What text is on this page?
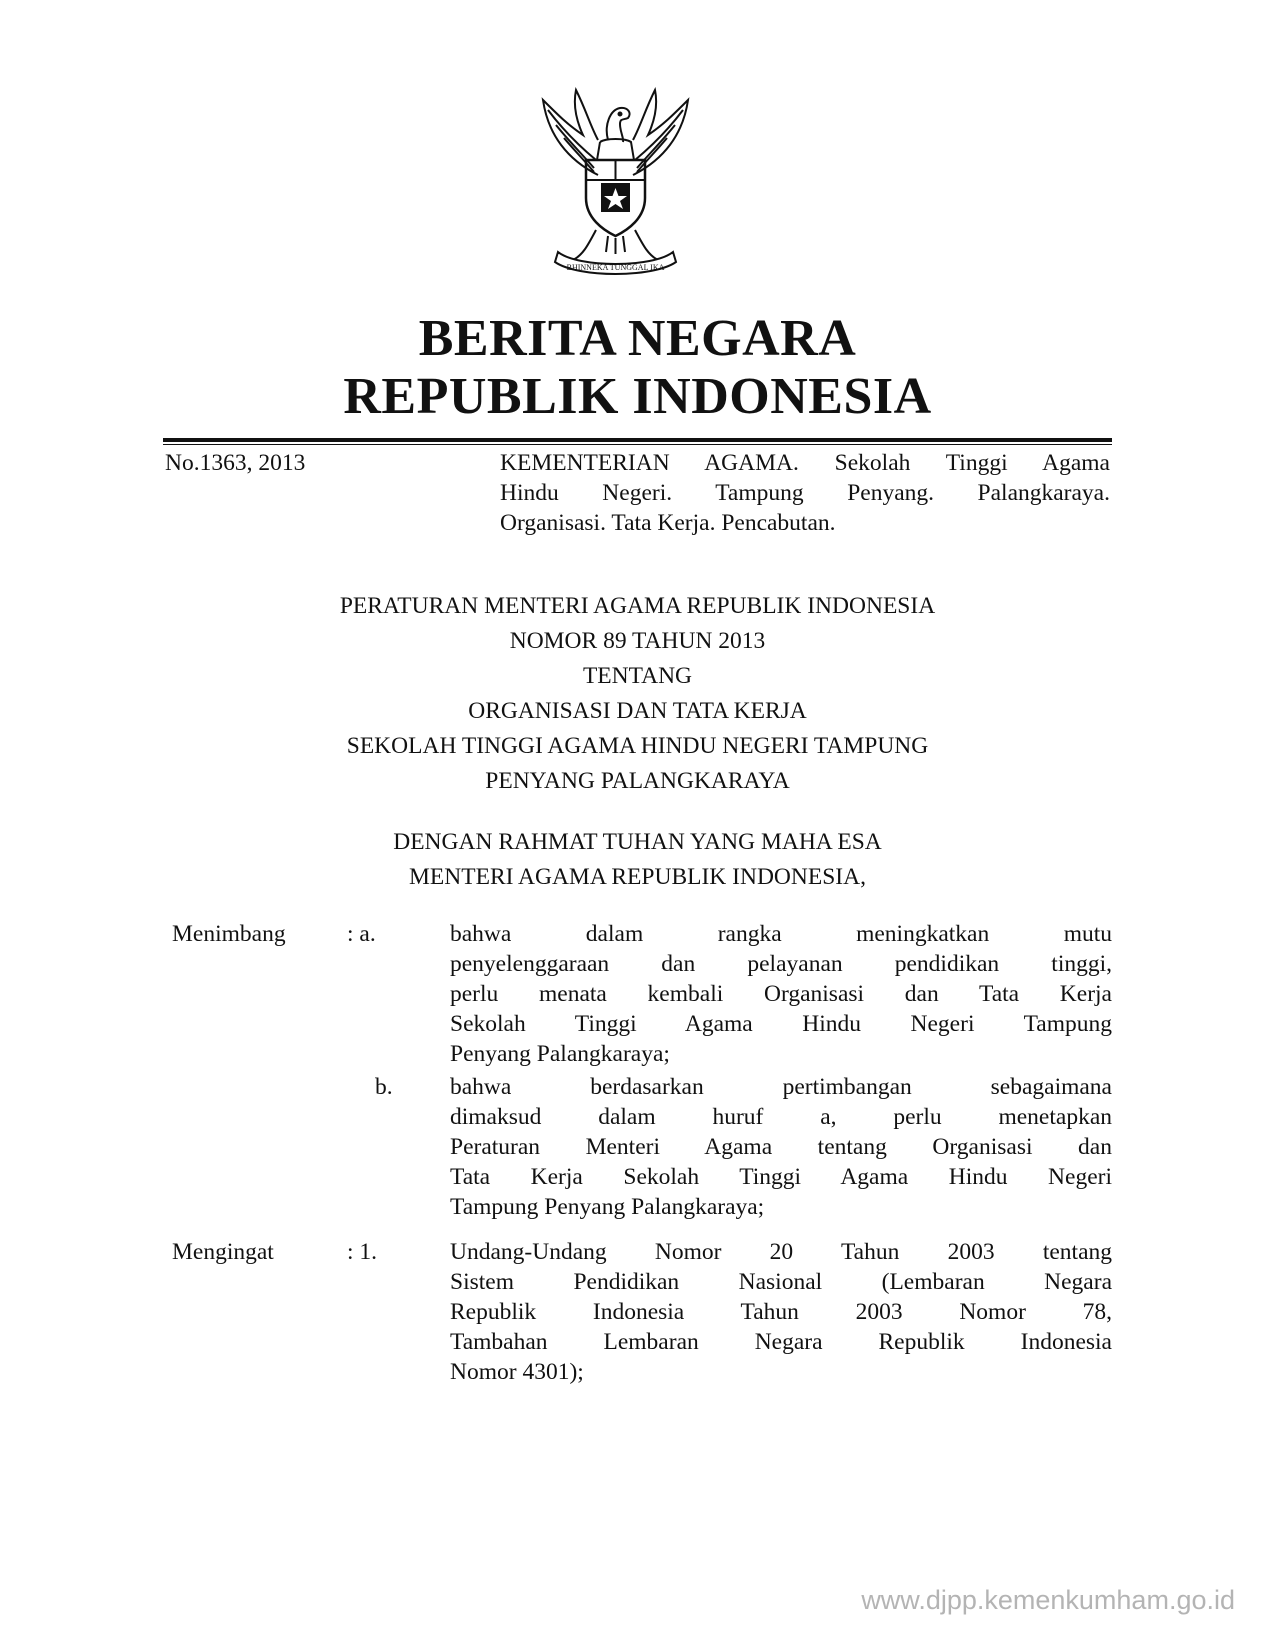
BHINNEKA TUNGGAL IKA
BERITA NEGARA
REPUBLIK INDONESIA
No.1363, 2013	KEMENTERIAN AGAMA. Sekolah Tinggi Agama
Hindu Negeri. Tampung Penyang. Palangkaraya.
Organisasi. Tata Kerja. Pencabutan.
PERATURAN MENTERI AGAMA REPUBLIK INDONESIA
NOMOR 89 TAHUN 2013
TENTANG
ORGANISASI DAN TATA KERJA
SEKOLAH TINGGI AGAMA HINDU NEGERI TAMPUNG
PENYANG PALANGKARAYA
DENGAN RAHMAT TUHAN YANG MAHA ESA
MENTERI AGAMA REPUBLIK INDONESIA,
Menimbang	: a.	bahwa dalam rangka meningkatkan mutu
penyelenggaraan dan pelayanan pendidikan tinggi,
perlu menata kembali Organisasi dan Tata Kerja
Sekolah Tinggi Agama Hindu Negeri Tampung
Penyang Palangkaraya;
b. bahwa berdasarkan pertimbangan sebagaimana
dimaksud dalam huruf a, perlu menetapkan
Peraturan Menteri Agama tentang Organisasi dan
Tata Kerja Sekolah Tinggi Agama Hindu Negeri
Tampung Penyang Palangkaraya;
Mengingat	: 1.	Undang-Undang Nomor 20 Tahun 2003 tentang
Sistem Pendidikan Nasional (Lembaran Negara
Republik Indonesia Tahun 2003 Nomor 78,
Tambahan Lembaran Negara Republik Indonesia
Nomor 4301);
www.djpp.kemenkumham.go.id
